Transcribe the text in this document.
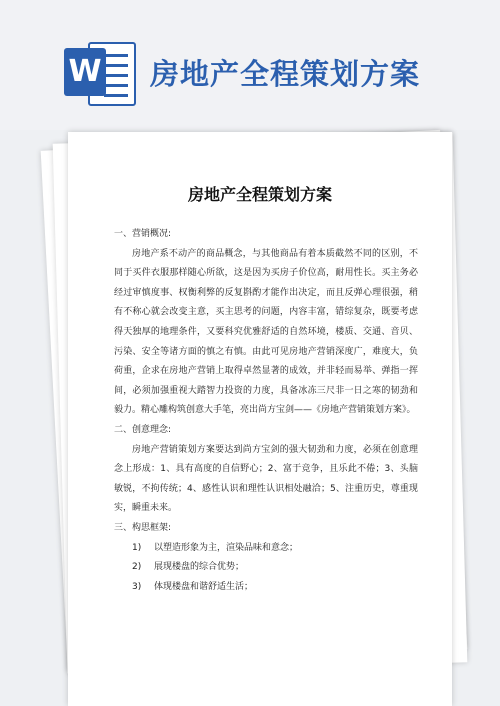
W 房地产全程策划方案
房地产全程策划方案
一、营销概况:
房地产系不动产的商品概念，与其他商品有着本质截然不同的区别，不同于买件衣服那样随心所欲，这是因为买房子价位高，耐用性长。买主务必经过审慎度事、权衡利弊的反复斟酌才能作出决定，而且反弹心理很强，稍有不称心就会改变主意，买主思考的问题，内容丰富，错综复杂，既要考虑得天独厚的地理条件，又要科究优雅舒适的自然环境，楼质、交通、音贝、污染、安全等诸方面的慎之有慎。由此可见房地产营销深度广，难度大，负荷重，企求在房地产营销上取得卓然显著的成效，并非轻而易举、弹指一挥间，必须加强重视大踏智力投资的力度，具备冰冻三尺非一日之寒的韧劲和毅力。精心雕构筑创意大手笔，亮出尚方宝剑——《房地产营销策划方案》。
二、创意理念:
房地产营销策划方案要达到尚方宝剑的强大韧劲和力度，必须在创意理念上形成：1、具有高度的自信野心；2、富于竞争，且乐此不倦；3、头脑敏锐，不拘传统；4、感性认识和理性认识相处融洽；5、注重历史，尊重现实，瞬重未来。
三、构思框架:
1) 以塑造形象为主，渲染品味和意念；
2) 展现楼盘的综合优势；
3) 体现楼盘和谐舒适生活；
